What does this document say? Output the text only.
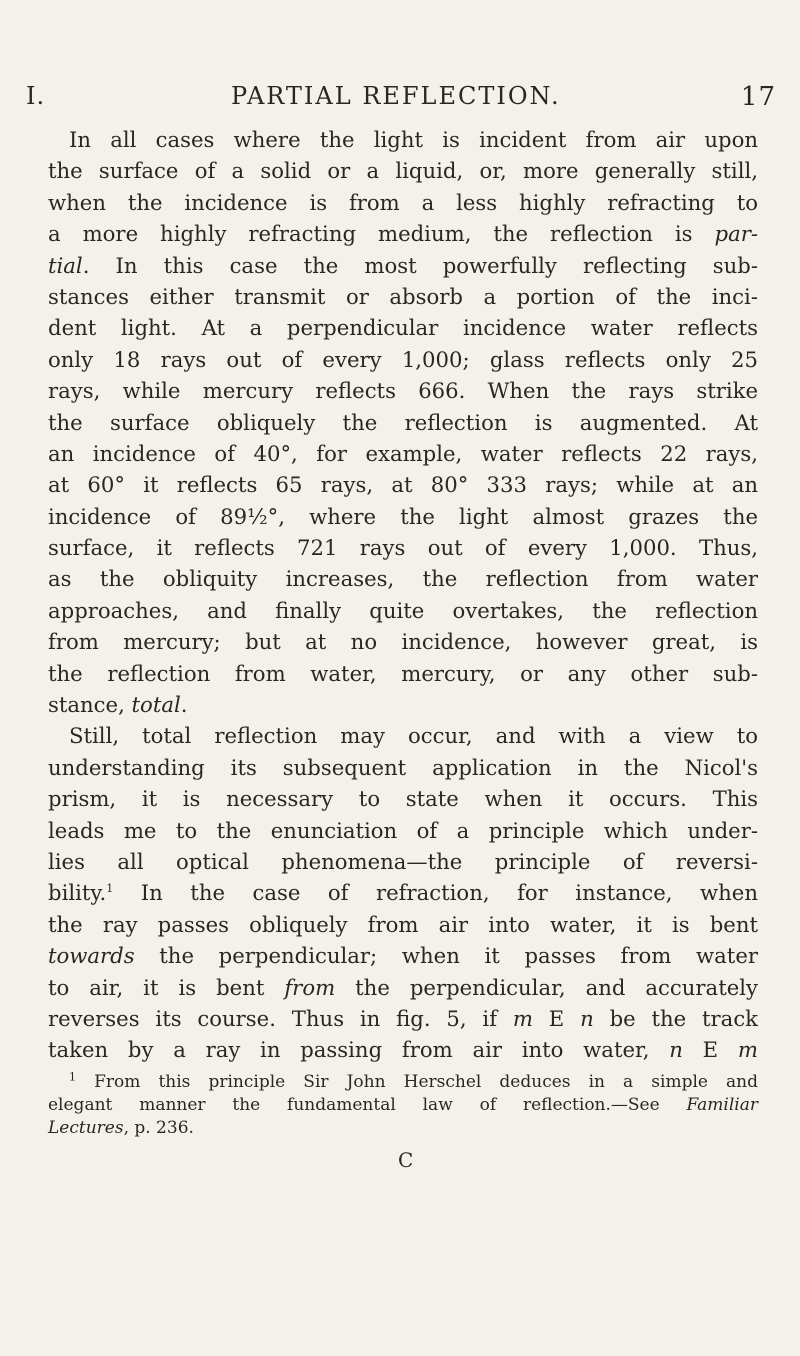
I.	PARTIAL REFLECTION.	17
In all cases where the light is incident from air upon
the surface of a solid or a liquid, or, more generally still,
when the incidence is from a less highly refracting to
a more highly refracting medium, the reflection is par-
tial. In this case the most powerfully reflecting sub-
stances either transmit or absorb a portion of the inci-
dent light. At a perpendicular incidence water reflects
only 18 rays out of every 1,000; glass reflects only 25
rays, while mercury reflects 666. When the rays strike
the surface obliquely the reflection is augmented. At
an incidence of 40°, for example, water reflects 22 rays,
at 60° it reflects 65 rays, at 80° 333 rays; while at an
incidence of 89½°, where the light almost grazes the
surface, it reflects 721 rays out of every 1,000. Thus,
as the obliquity increases, the reflection from water
approaches, and finally quite overtakes, the reflection
from mercury; but at no incidence, however great, is
the reflection from water, mercury, or any other sub-
stance, total.
Still, total reflection may occur, and with a view to
understanding its subsequent application in the Nicol's
prism, it is necessary to state when it occurs. This
leads me to the enunciation of a principle which under-
lies all optical phenomena—the principle of reversi-
bility.$^1$ In the case of refraction, for instance, when
the ray passes obliquely from air into water, it is bent
towards the perpendicular; when it passes from water
to air, it is bent from the perpendicular, and accurately
reverses its course. Thus in fig. 5, if m E n be the track
taken by a ray in passing from air into water, n E m
$^1$ From this principle Sir John Herschel deduces in a simple and
elegant manner the fundamental law of reflection.—See Familiar
Lectures, p. 236.
C
